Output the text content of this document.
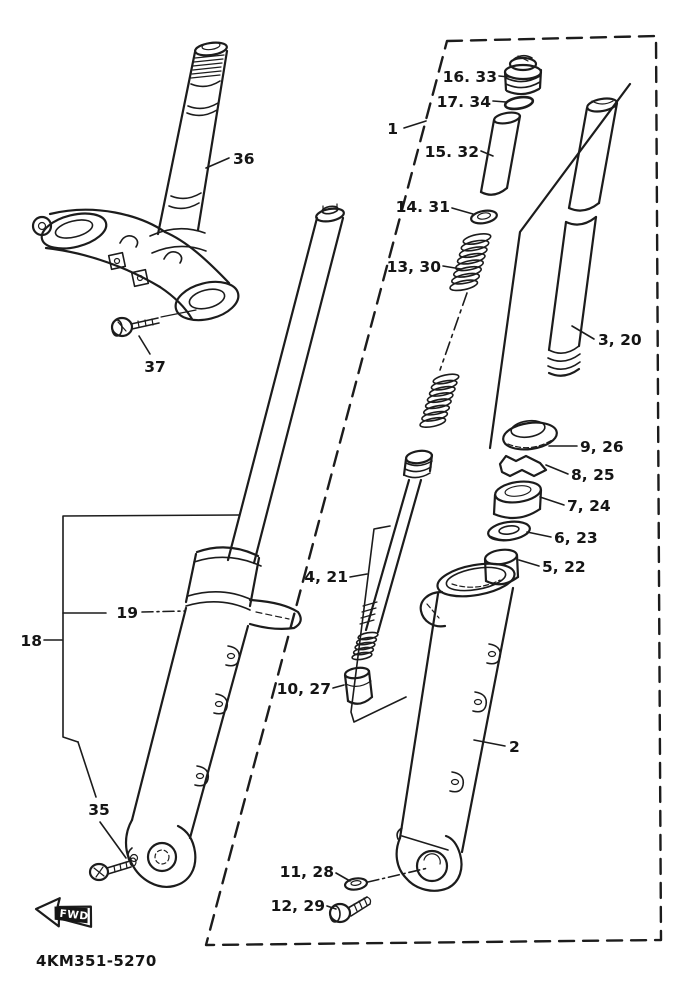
1
36
37
35
18
19
16. 33
17. 34
15. 32
14. 31
13, 30
3, 20
9, 26
8, 25
7, 24
6, 23
5, 22
4, 21
10, 27
2
11, 28
12, 29
FWD
4KM351-5270
